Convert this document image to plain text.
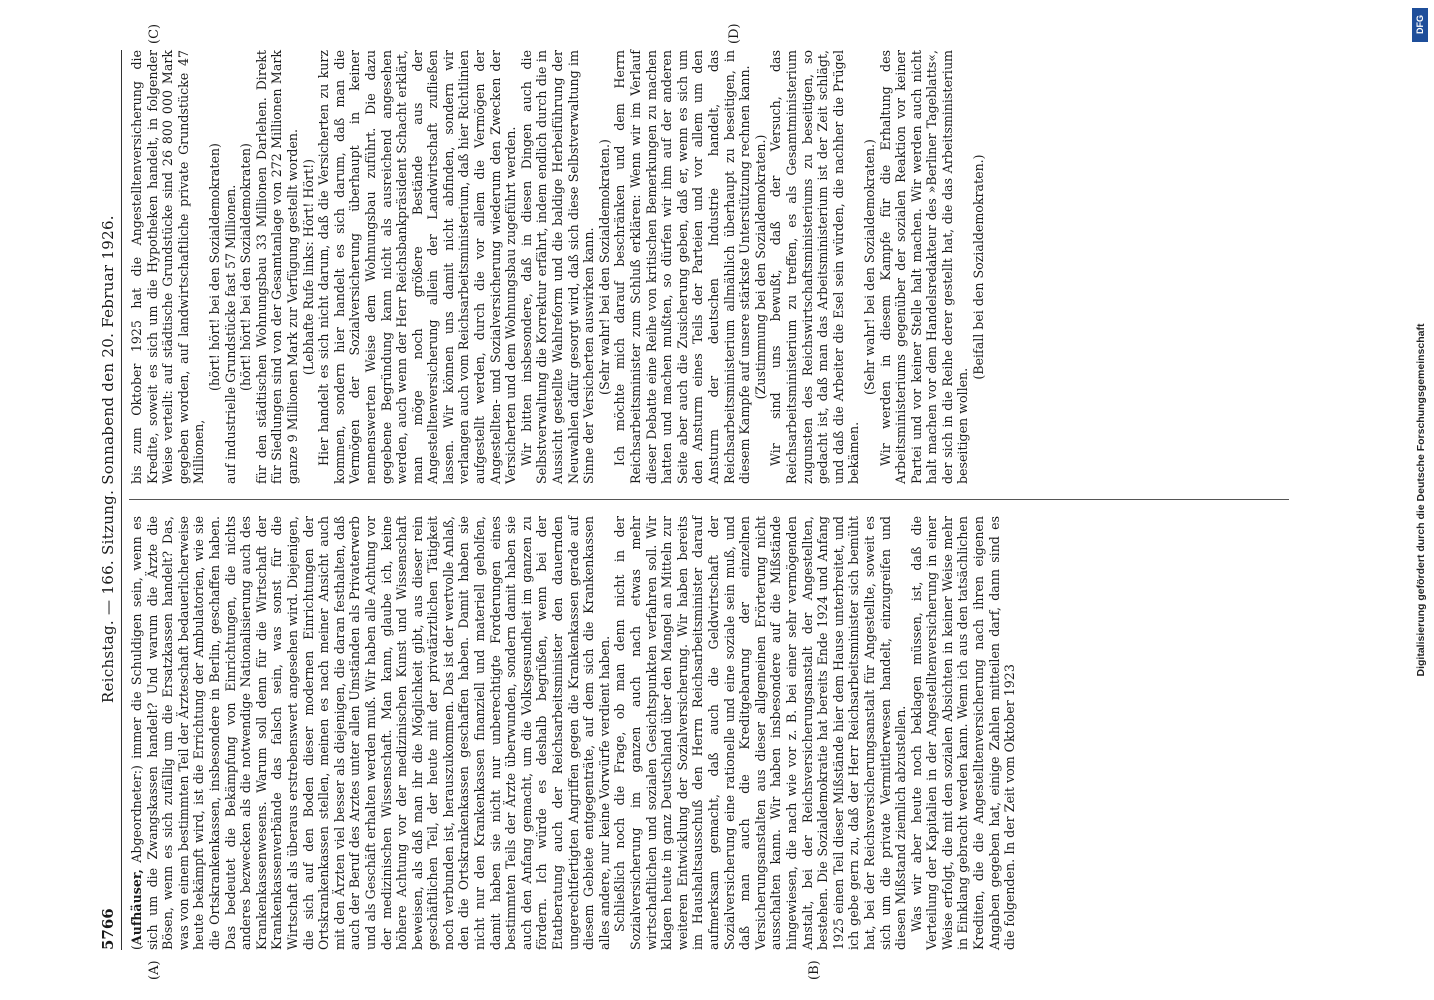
5766
Reichstag. — 166. Sitzung. Sonnabend den 20. Februar 1926.
(A)	(B)
(C)	(D)

(Aufhäuser, Abgeordneter:) immer die Schuldigen sein, wenn es sich um die Zwangskassen handelt? Und warum die Ärzte die Bösen, wenn es sich zufällig um die Ersatzkassen handelt? Das, was von einem bestimmten Teil der Ärzteschaft bedauerlicherweise heute bekämpft wird, ist die Errichtung der Ambulatorien, wie sie die Ortskrankenkassen, insbesondere in Berlin, geschaffen haben. Das bedeutet die Bekämpfung von Einrichtungen, die nichts anderes bezwecken als die notwendige Nationalisierung auch des Krankenkassenwesens. Warum soll denn für die Wirtschaft der Krankenkassenverbände das falsch sein, was sonst für die Wirtschaft als überaus erstrebenswert angesehen wird. Diejenigen, die sich auf den Boden dieser modernen Einrichtungen der Ortskrankenkassen stellen, meinen es nach meiner Ansicht auch mit den Ärzten viel besser als diejenigen, die daran festhalten, daß auch der Beruf des Arztes unter allen Umständen als Privaterwerb und als Geschäft erhalten werden muß. Wir haben alle Achtung vor der medizinischen Wissenschaft. Man kann, glaube ich, keine höhere Achtung vor der medizinischen Kunst und Wissenschaft beweisen, als daß man ihr die Möglichkeit gibt, aus dieser rein geschäftlichen Teil, der heute mit der privatärztlichen Tätigkeit noch verbunden ist, herauszukommen. Das ist der wertvolle Anlaß, den die Ortskrankenkassen geschaffen haben. Damit haben sie nicht nur den Krankenkassen finanziell und materiell geholfen, damit haben sie nicht nur unberechtigte Forderungen eines bestimmten Teils der Ärzte überwunden, sondern damit haben sie auch den Anfang gemacht, um die Volksgesundheit im ganzen zu fördern. Ich würde es deshalb begrüßen, wenn bei der Etatberatung auch der Reichsarbeitsminister den dauernden ungerechtfertigten Angriffen gegen die Krankenkassen gerade auf diesem Gebiete entgegenträte, auf dem sich die Krankenkassen alles andere, nur keine Vorwürfe verdient haben. Schließlich noch die Frage, ob man denn nicht in der Sozialversicherung im ganzen auch nach etwas mehr wirtschaftlichen und sozialen Gesichtspunkten verfahren soll. Wir klagen heute in ganz Deutschland über den Mangel an Mitteln zur weiteren Entwicklung der Sozialversicherung. Wir haben bereits im Haushaltsausschuß den Herrn Reichsarbeitsminister darauf aufmerksam gemacht, daß auch die Geldwirtschaft der Sozialversicherung eine rationelle und eine soziale sein muß, und daß man auch die Kreditgebarung der einzelnen Versicherungsanstalten aus dieser allgemeinen Erörterung nicht ausschalten kann. Wir haben insbesondere auf die Mißstände hingewiesen, die nach wie vor z. B. bei einer sehr vermögenden Anstalt, bei der Reichsversicherungsanstalt der Angestellten, bestehen. Die Sozialdemokratie hat bereits Ende 1924 und Anfang 1925 einen Teil dieser Mißstände hier dem Hause unterbreitet, und ich gebe gern zu, daß der Herr Reichsarbeitsminister sich bemüht hat, bei der Reichsversicherungsanstalt für Angestellte, soweit es sich um die private Vermittlerwesen handelt, einzugreifen und diesen Mißstand ziemlich abzustellen. Was wir aber heute noch beklagen müssen, ist, daß die Verteilung der Kapitalien in der Angestelltenversicherung in einer Weise erfolgt, die mit den sozialen Absichten in keiner Weise mehr in Einklang gebracht werden kann. Wenn ich aus den tatsächlichen Krediten, die die Angestelltenversicherung nach ihren eigenen Angaben gegeben hat, einige Zahlen mitteilen darf, dann sind es die folgenden. In der Zeit vom Oktober 1923

bis zum Oktober 1925 hat die Angestelltenversicherung die Kredite, soweit es sich um die Hypotheken handelt, in folgender Weise verteilt: auf städtische Grundstücke sind 26 800 000 Mark gegeben worden, auf landwirtschaftliche private Grundstücke 47 Millionen,

(hört! hört! bei den Sozialdemokraten) auf industrielle Grundstücke fast 57 Millionen. (hört! hört! bei den Sozialdemokraten) für den städtischen Wohnungsbau 33 Millionen Darlehen. Direkt für Siedlungen sind von der Gesamtanlage von 272 Millionen Mark ganze 9 Millionen Mark zur Verfügung gestellt worden. (Lebhafte Rufe links: Hört! Hört!) Hier handelt es sich nicht darum, daß die Versicherten zu kurz kommen, sondern hier handelt es sich darum, daß man die Vermögen der Sozialversicherung überhaupt in keiner nennenswerten Weise dem Wohnungsbau zuführt. Die dazu gegebene Begründung kann nicht als ausreichend angesehen werden, auch wenn der Herr Reichsbankpräsident Schacht erklärt, man möge noch größere Bestände aus der Angestelltenversicherung allein der Landwirtschaft zufließen lassen. Wir können uns damit nicht abfinden, sondern wir verlangen auch vom Reichsarbeitsministerium, daß hier Richtlinien aufgestellt werden, durch die vor allem die Vermögen der Angestellten- und Sozialversicherung wiederum den Zwecken der Versicherten und dem Wohnungsbau zugeführt werden. Wir bitten insbesondere, daß in diesen Dingen auch die Selbstverwaltung die Korrektur erfährt, indem endlich durch die in Aussicht gestellte Wahlreform und die baldige Herbeiführung der Neuwahlen dafür gesorgt wird, daß sich diese Selbstverwaltung im Sinne der Versicherten auswirken kann. (Sehr wahr! bei den Sozialdemokraten.) Ich möchte mich darauf beschränken und dem Herrn Reichsarbeitsminister zum Schluß erklären: Wenn wir im Verlauf dieser Debatte eine Reihe von kritischen Bemerkungen zu machen hatten und machen mußten, so dürfen wir ihm auf der anderen Seite aber auch die Zusicherung geben, daß er, wenn es sich um den Ansturm eines Teils der Parteien und vor allem um den Ansturm der deutschen Industrie handelt, das Reichsarbeitsministerium allmählich überhaupt zu beseitigen, in diesem Kampfe auf unsere stärkste Unterstützung rechnen kann. (Zustimmung bei den Sozialdemokraten.) Wir sind uns bewußt, daß der Versuch, das Reichsarbeitsministerium zu treffen, es als Gesamtministerium zugunsten des Reichswirtschaftsministeriums zu beseitigen, so gedacht ist, daß man das Arbeitsministerium ist der Zeit schlägt, und daß die Arbeiter die Esel sein würden, die nachher die Prügel bekämen.

(Sehr wahr! bei den Sozialdemokraten.) Wir werden in diesem Kampfe für die Erhaltung des Arbeitsministeriums gegenüber der sozialen Reaktion vor keiner Partei und vor keiner Stelle halt machen. Wir werden auch nicht halt machen vor dem Handelsredakteur des »Berliner Tageblatts«, der sich in die Reihe derer gestellt hat, die das Arbeitsministerium beseitigen wollen.

(Beifall bei den Sozialdemokraten.)

DFG
Digitalisierung gefördert durch die Deutsche Forschungsgemeinschaft
